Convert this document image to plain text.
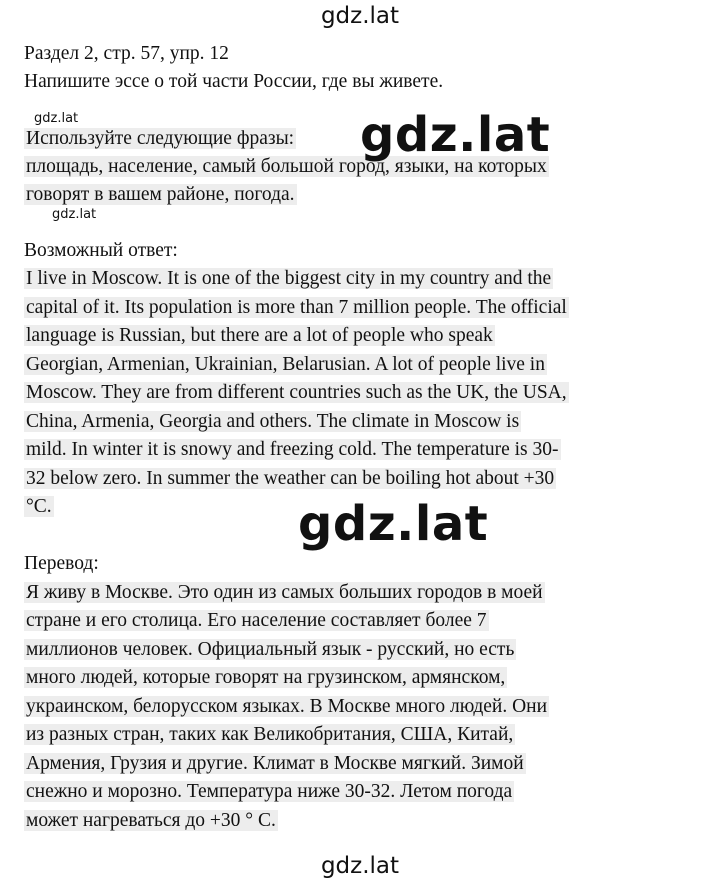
gdz.lat
Раздел 2, стр. 57, упр. 12
Напишите эссе о той части России, где вы живете.
gdz.lat
Используйте следующие фразы:
площадь, население, самый большой город, языки, на которых
говорят в вашем районе, погода.
gdz.lat
gdz.lat
Возможный ответ:
I live in Moscow. It is one of the biggest city in my country and the
capital of it. Its population is more than 7 million people. The official
language is Russian, but there are a lot of people who speak
Georgian, Armenian, Ukrainian, Belarusian. A lot of people live in
Moscow. They are from different countries such as the UK, the USA,
China, Armenia, Georgia and others. The climate in Moscow is
mild. In winter it is snowy and freezing cold. The temperature is 30-
32 below zero. In summer the weather can be boiling hot about +30
°C.	gdz.lat
Перевод:
Я живу в Москве. Это один из самых больших городов в моей
стране и его столица. Его население составляет более 7
миллионов человек. Официальный язык - русский, но есть
много людей, которые говорят на грузинском, армянском,
украинском, белорусском языках. В Москве много людей. Они
из разных стран, таких как Великобритания, США, Китай,
Армения, Грузия и другие. Климат в Москве мягкий. Зимой
снежно и морозно. Температура ниже 30-32. Летом погода
может нагреваться до +30 ° С.
gdz.lat
